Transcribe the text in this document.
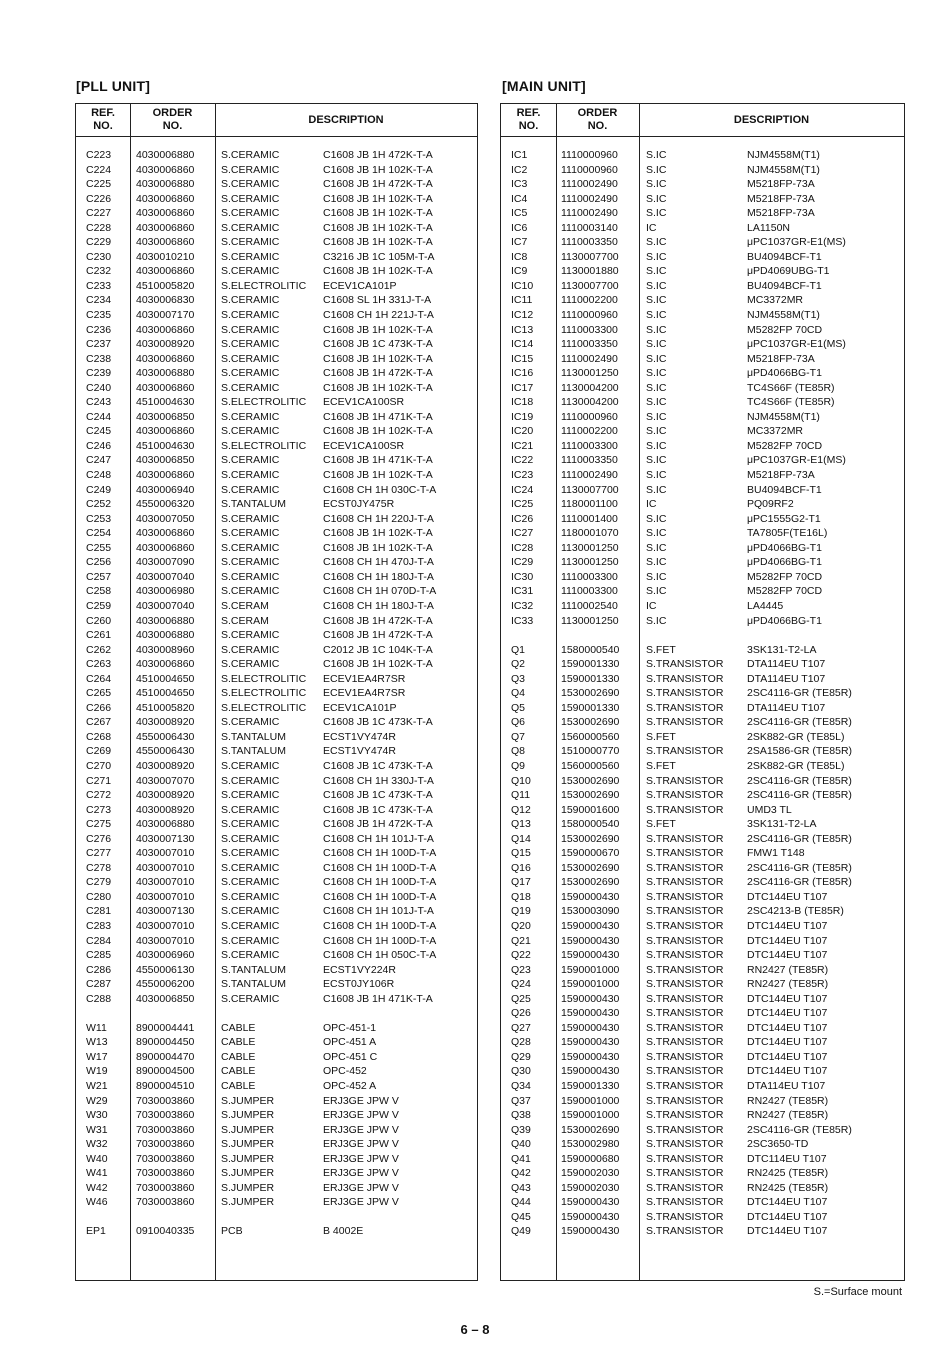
[PLL UNIT]	[MAIN UNIT]
REF.
NO.
ORDER
NO.	DESCRIPTION
C223 4030006880	S.CERAMIC	C1608 JB 1H 472K-T-A
C224 4030006860	S.CERAMIC	C1608 JB 1H 102K-T-A
C225 4030006880	S.CERAMIC	C1608 JB 1H 472K-T-A
C226 4030006860	S.CERAMIC	C1608 JB 1H 102K-T-A
C227 4030006860	S.CERAMIC	C1608 JB 1H 102K-T-A
C228 4030006860	S.CERAMIC	C1608 JB 1H 102K-T-A
C229 4030006860	S.CERAMIC	C1608 JB 1H 102K-T-A
C230 4030010210	S.CERAMIC	C3216 JB 1C 105M-T-A
C232 4030006860	S.CERAMIC	C1608 JB 1H 102K-T-A
C233 4510005820	S.ELECTROLITIC ECEV1CA101P
C234 4030006830	S.CERAMIC	C1608 SL 1H 331J-T-A
C235 4030007170	S.CERAMIC	C1608 CH 1H 221J-T-A
C236 4030006860	S.CERAMIC	C1608 JB 1H 102K-T-A
C237 4030008920	S.CERAMIC	C1608 JB 1C 473K-T-A
C238 4030006860	S.CERAMIC	C1608 JB 1H 102K-T-A
C239 4030006880	S.CERAMIC	C1608 JB 1H 472K-T-A
C240 4030006860	S.CERAMIC	C1608 JB 1H 102K-T-A
C243 4510004630	S.ELECTROLITIC ECEV1CA100SR
C244 4030006850	S.CERAMIC	C1608 JB 1H 471K-T-A
C245 4030006860	S.CERAMIC	C1608 JB 1H 102K-T-A
C246 4510004630	S.ELECTROLITIC ECEV1CA100SR
C247 4030006850	S.CERAMIC	C1608 JB 1H 471K-T-A
C248 4030006860	S.CERAMIC	C1608 JB 1H 102K-T-A
C249 4030006940	S.CERAMIC	C1608 CH 1H 030C-T-A
C252 4550006320	S.TANTALUM	ECST0JY475R
C253 4030007050	S.CERAMIC	C1608 CH 1H 220J-T-A
C254 4030006860	S.CERAMIC	C1608 JB 1H 102K-T-A
C255 4030006860	S.CERAMIC	C1608 JB 1H 102K-T-A
C256 4030007090	S.CERAMIC	C1608 CH 1H 470J-T-A
C257 4030007040	S.CERAMIC	C1608 CH 1H 180J-T-A
C258 4030006980	S.CERAMIC	C1608 CH 1H 070D-T-A
C259 4030007040	S.CERAM	C1608 CH 1H 180J-T-A
C260 4030006880	S.CERAM	C1608 JB 1H 472K-T-A
C261 4030006880	S.CERAMIC	C1608 JB 1H 472K-T-A
C262 4030008960	S.CERAMIC	C2012 JB 1C 104K-T-A
C263 4030006860	S.CERAMIC	C1608 JB 1H 102K-T-A
C264 4510004650	S.ELECTROLITIC ECEV1EA4R7SR
C265 4510004650	S.ELECTROLITIC ECEV1EA4R7SR
C266 4510005820	S.ELECTROLITIC ECEV1CA101P
C267 4030008920	S.CERAMIC	C1608 JB 1C 473K-T-A
C268 4550006430	S.TANTALUM	ECST1VY474R
C269 4550006430	S.TANTALUM	ECST1VY474R
C270 4030008920	S.CERAMIC	C1608 JB 1C 473K-T-A
C271 4030007070	S.CERAMIC	C1608 CH 1H 330J-T-A
C272 4030008920	S.CERAMIC	C1608 JB 1C 473K-T-A
C273 4030008920	S.CERAMIC	C1608 JB 1C 473K-T-A
C275 4030006880	S.CERAMIC	C1608 JB 1H 472K-T-A
C276 4030007130	S.CERAMIC	C1608 CH 1H 101J-T-A
C277 4030007010	S.CERAMIC	C1608 CH 1H 100D-T-A
C278 4030007010	S.CERAMIC	C1608 CH 1H 100D-T-A
C279 4030007010	S.CERAMIC	C1608 CH 1H 100D-T-A
C280 4030007010	S.CERAMIC	C1608 CH 1H 100D-T-A
C281 4030007130	S.CERAMIC	C1608 CH 1H 101J-T-A
C283 4030007010	S.CERAMIC	C1608 CH 1H 100D-T-A
C284 4030007010	S.CERAMIC	C1608 CH 1H 100D-T-A
C285 4030006960	S.CERAMIC	C1608 CH 1H 050C-T-A
C286 4550006130	S.TANTALUM	ECST1VY224R
C287 4550006200	S.TANTALUM	ECST0JY106R
C288 4030006850	S.CERAMIC	C1608 JB 1H 471K-T-A
W11	8900004441	CABLE	OPC-451-1
W13	8900004450	CABLE	OPC-451 A
W17	8900004470	CABLE	OPC-451 C
W19	8900004500	CABLE	OPC-452
W21	8900004510	CABLE	OPC-452 A
W29	7030003860	S.JUMPER	ERJ3GE JPW V
W30	7030003860	S.JUMPER	ERJ3GE JPW V
W31	7030003860	S.JUMPER	ERJ3GE JPW V
W32	7030003860	S.JUMPER	ERJ3GE JPW V
W40	7030003860	S.JUMPER	ERJ3GE JPW V
W41	7030003860	S.JUMPER	ERJ3GE JPW V
W42	7030003860	S.JUMPER	ERJ3GE JPW V
W46	7030003860	S.JUMPER	ERJ3GE JPW V
EP1	0910040335	PCB	B 4002E
REF.
NO.
ORDER
NO.	DESCRIPTION
IC1	1110000960	S.IC	NJM4558M(T1)
IC2	1110000960	S.IC	NJM4558M(T1)
IC3	1110002490	S.IC	M5218FP-73A
IC4	1110002490	S.IC	M5218FP-73A
IC5	1110002490	S.IC	M5218FP-73A
IC6	1110003140	IC	LA1150N
IC7	1110003350	S.IC	μPC1037GR-E1(MS)
IC8	1130007700	S.IC	BU4094BCF-T1
IC9	1130001880	S.IC	μPD4069UBG-T1
IC10	1130007700	S.IC	BU4094BCF-T1
IC11	1110002200	S.IC	MC3372MR
IC12	1110000960	S.IC	NJM4558M(T1)
IC13	1110003300	S.IC	M5282FP 70CD
IC14	1110003350	S.IC	μPC1037GR-E1(MS)
IC15	1110002490	S.IC	M5218FP-73A
IC16	1130001250	S.IC	μPD4066BG-T1
IC17	1130004200	S.IC	TC4S66F (TE85R)
IC18	1130004200	S.IC	TC4S66F (TE85R)
IC19	1110000960	S.IC	NJM4558M(T1)
IC20	1110002200	S.IC	MC3372MR
IC21	1110003300	S.IC	M5282FP 70CD
IC22	1110003350	S.IC	μPC1037GR-E1(MS)
IC23	1110002490	S.IC	M5218FP-73A
IC24	1130007700	S.IC	BU4094BCF-T1
IC25	1180001100	IC	PQ09RF2
IC26	1110001400	S.IC	μPC1555G2-T1
IC27	1180001070	S.IC	TA7805F(TE16L)
IC28	1130001250	S.IC	μPD4066BG-T1
IC29	1130001250	S.IC	μPD4066BG-T1
IC30	1110003300	S.IC	M5282FP 70CD
IC31	1110003300	S.IC	M5282FP 70CD
IC32	1110002540	IC	LA4445
IC33	1130001250	S.IC	μPD4066BG-T1
Q1	1580000540	S.FET	3SK131-T2-LA
Q2	1590001330	S.TRANSISTOR DTA114EU T107
Q3	1590001330	S.TRANSISTOR DTA114EU T107
Q4	1530002690	S.TRANSISTOR 2SC4116-GR (TE85R)
Q5	1590001330	S.TRANSISTOR DTA114EU T107
Q6	1530002690	S.TRANSISTOR 2SC4116-GR (TE85R)
Q7	1560000560	S.FET	2SK882-GR (TE85L)
Q8	1510000770	S.TRANSISTOR 2SA1586-GR (TE85R)
Q9	1560000560	S.FET	2SK882-GR (TE85L)
Q10	1530002690	S.TRANSISTOR 2SC4116-GR (TE85R)
Q11	1530002690	S.TRANSISTOR 2SC4116-GR (TE85R)
Q12	1590001600	S.TRANSISTOR UMD3 TL
Q13	1580000540	S.FET	3SK131-T2-LA
Q14	1530002690	S.TRANSISTOR 2SC4116-GR (TE85R)
Q15	1590000670	S.TRANSISTOR FMW1 T148
Q16	1530002690	S.TRANSISTOR 2SC4116-GR (TE85R)
Q17	1530002690	S.TRANSISTOR 2SC4116-GR (TE85R)
Q18	1590000430	S.TRANSISTOR DTC144EU T107
Q19	1530003090	S.TRANSISTOR 2SC4213-B (TE85R)
Q20	1590000430	S.TRANSISTOR DTC144EU T107
Q21	1590000430	S.TRANSISTOR DTC144EU T107
Q22	1590000430	S.TRANSISTOR DTC144EU T107
Q23	1590001000	S.TRANSISTOR RN2427 (TE85R)
Q24	1590001000	S.TRANSISTOR RN2427 (TE85R)
Q25	1590000430	S.TRANSISTOR DTC144EU T107
Q26	1590000430	S.TRANSISTOR DTC144EU T107
Q27	1590000430	S.TRANSISTOR DTC144EU T107
Q28	1590000430	S.TRANSISTOR DTC144EU T107
Q29	1590000430	S.TRANSISTOR DTC144EU T107
Q30	1590000430	S.TRANSISTOR DTC144EU T107
Q34	1590001330	S.TRANSISTOR DTA114EU T107
Q37	1590001000	S.TRANSISTOR RN2427 (TE85R)
Q38	1590001000	S.TRANSISTOR RN2427 (TE85R)
Q39	1530002690	S.TRANSISTOR 2SC4116-GR (TE85R)
Q40	1530002980	S.TRANSISTOR 2SC3650-TD
Q41	1590000680	S.TRANSISTOR DTC114EU T107
Q42	1590002030	S.TRANSISTOR RN2425 (TE85R)
Q43	1590002030	S.TRANSISTOR RN2425 (TE85R)
Q44	1590000430	S.TRANSISTOR DTC144EU T107
Q45	1590000430	S.TRANSISTOR DTC144EU T107
Q49	1590000430	S.TRANSISTOR DTC144EU T107
S.=Surface mount
6 – 8
